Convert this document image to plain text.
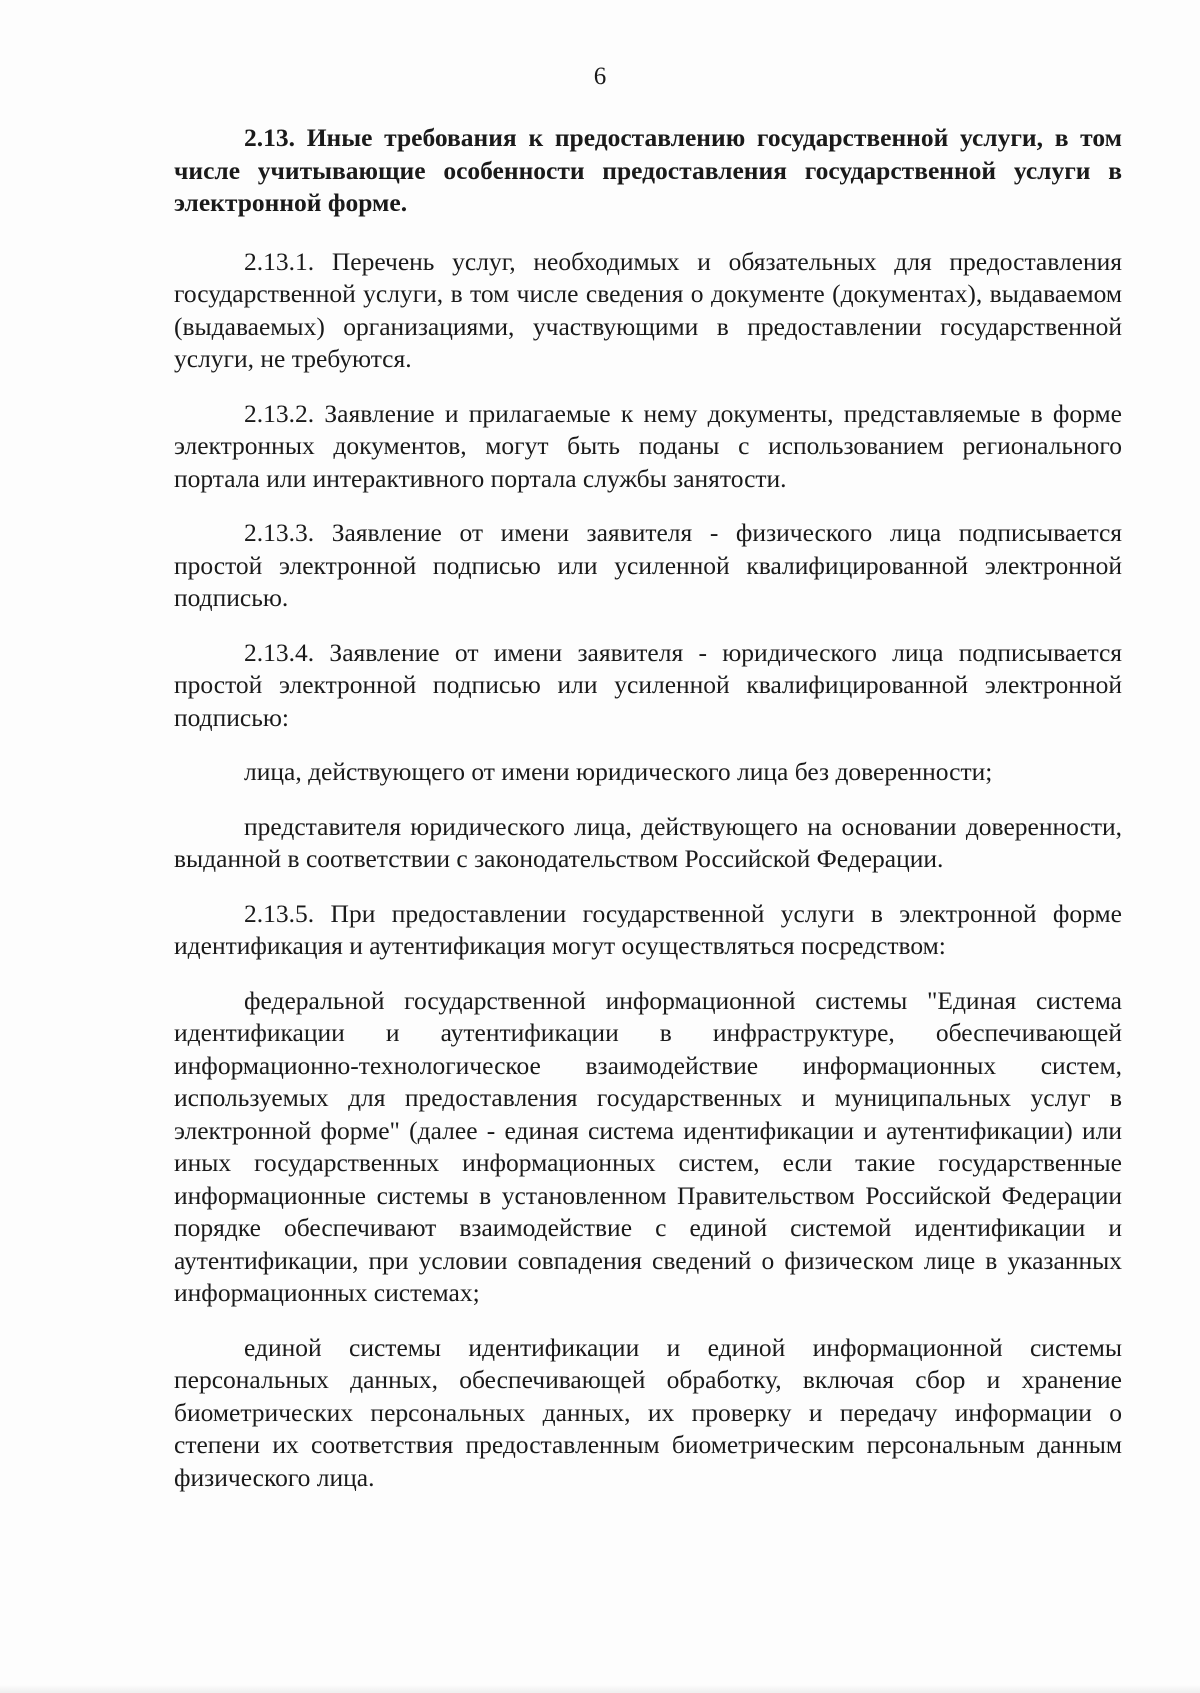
6

2.13. Иные требования к предоставлению государственной услуги, в том числе учитывающие особенности предоставления государственной услуги в электронной форме.

2.13.1. Перечень услуг, необходимых и обязательных для предоставления государственной услуги, в том числе сведения о документе (документах), выдаваемом (выдаваемых) организациями, участвующими в предоставлении государственной услуги, не требуются.

2.13.2. Заявление и прилагаемые к нему документы, представляемые в форме электронных документов, могут быть поданы с использованием регионального портала или интерактивного портала службы занятости.

2.13.3. Заявление от имени заявителя - физического лица подписывается простой электронной подписью или усиленной квалифицированной электронной подписью.

2.13.4. Заявление от имени заявителя - юридического лица подписывается простой электронной подписью или усиленной квалифицированной электронной подписью:

лица, действующего от имени юридического лица без доверенности;

представителя юридического лица, действующего на основании доверенности, выданной в соответствии с законодательством Российской Федерации.

2.13.5. При предоставлении государственной услуги в электронной форме идентификация и аутентификация могут осуществляться посредством:

федеральной государственной информационной системы "Единая система идентификации и аутентификации в инфраструктуре, обеспечивающей информационно-технологическое взаимодействие информационных систем, используемых для предоставления государственных и муниципальных услуг в электронной форме" (далее - единая система идентификации и аутентификации) или иных государственных информационных систем, если такие государственные информационные системы в установленном Правительством Российской Федерации порядке обеспечивают взаимодействие с единой системой идентификации и аутентификации, при условии совпадения сведений о физическом лице в указанных информационных системах;

единой системы идентификации и единой информационной системы персональных данных, обеспечивающей обработку, включая сбор и хранение биометрических персональных данных, их проверку и передачу информации о степени их соответствия предоставленным биометрическим персональным данным физического лица.
